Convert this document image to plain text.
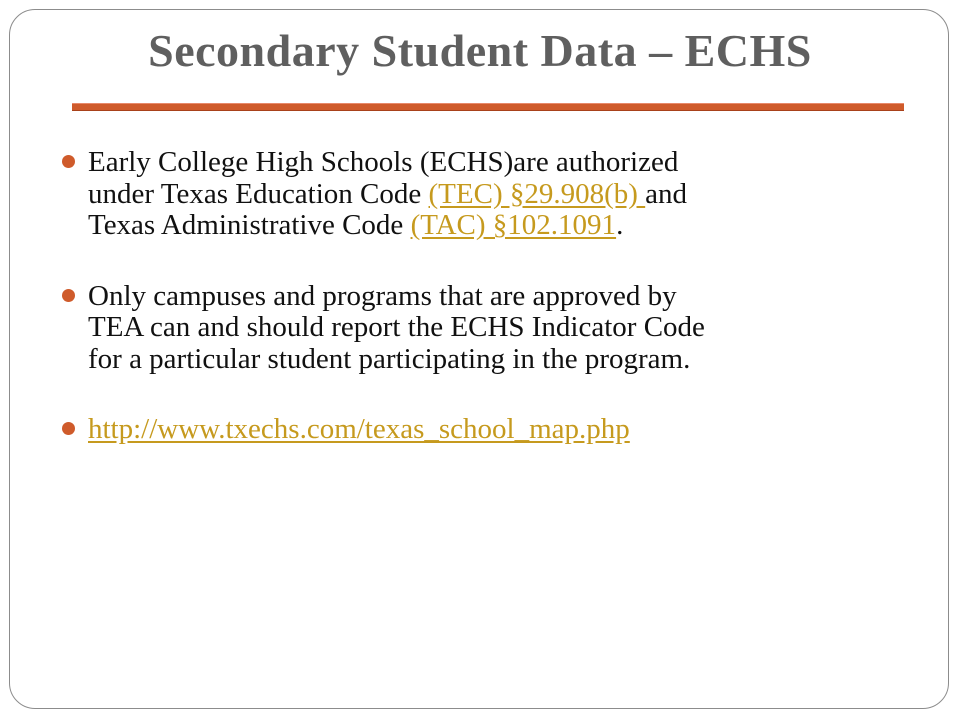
Secondary Student Data – ECHS
Early College High Schools (ECHS)are authorized
under Texas Education Code (TEC) §29.908(b) and
Texas Administrative Code (TAC) §102.1091.
Only campuses and programs that are approved by
TEA can and should report the ECHS Indicator Code
for a particular student participating in the program.
http://www.txechs.com/texas_school_map.php
